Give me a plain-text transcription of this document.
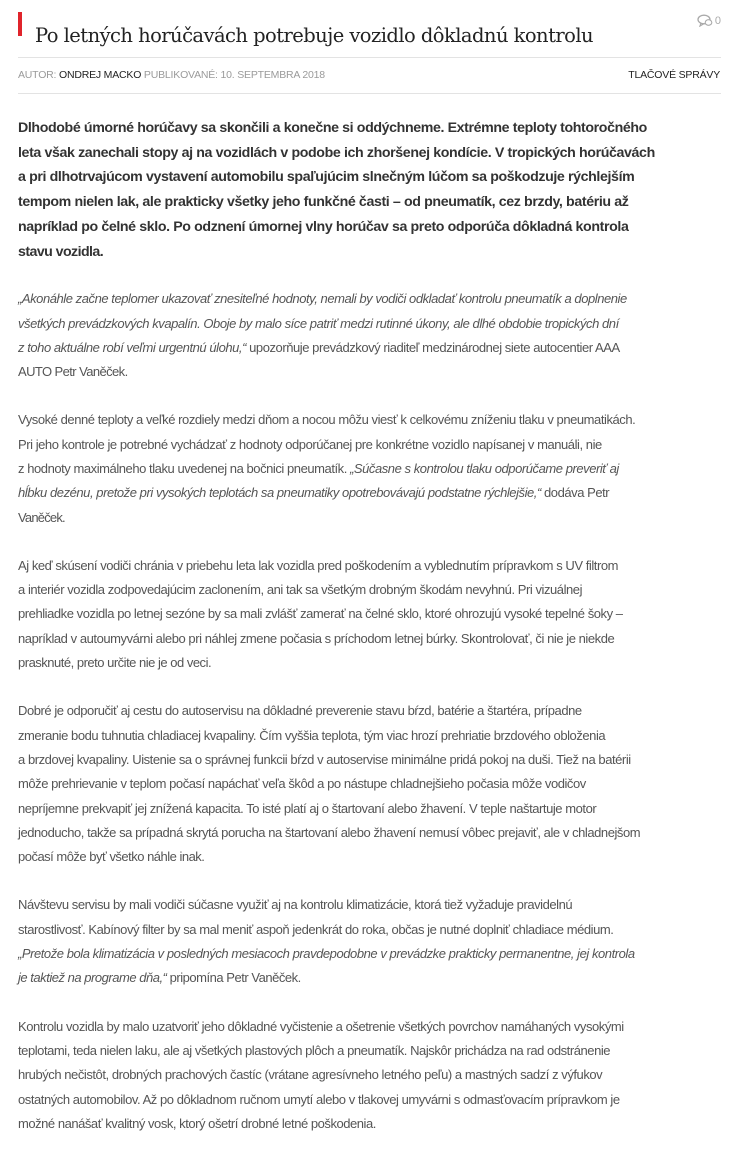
Po letných horúčavách potrebuje vozidlo dôkladnú kontrolu
0
AUTOR: ONDREJ MACKO PUBLIKOVANÉ: 10. SEPTEMBRA 2018	TLAČOVÉ SPRÁVY

Dlhodobé úmorné horúčavy sa skončili a konečne si oddýchneme. Extrémne teploty tohtoročného
leta však zanechali stopy aj na vozidlách v podobe ich zhoršenej kondície. V tropických horúčavách
a pri dlhotrvajúcom vystavení automobilu spaľujúcim slnečným lúčom sa poškodzuje rýchlejším
tempom nielen lak, ale prakticky všetky jeho funkčné časti – od pneumatík, cez brzdy, batériu až
napríklad po čelné sklo. Po odznení úmornej vlny horúčav sa preto odporúča dôkladná kontrola
stavu vozidla.

„Akonáhle začne teplomer ukazovať znesiteľné hodnoty, nemali by vodiči odkladať kontrolu pneumatík a doplnenie
všetkých prevádzkových kvapalín. Oboje by malo síce patriť medzi rutinné úkony, ale dlhé obdobie tropických dní
z toho aktuálne robí veľmi urgentnú úlohu,“ upozorňuje prevádzkový riaditeľ medzinárodnej siete autocentier AAA
AUTO Petr Vaněček.

Vysoké denné teploty a veľké rozdiely medzi dňom a nocou môžu viesť k celkovému zníženiu tlaku v pneumatikách.
Pri jeho kontrole je potrebné vychádzať z hodnoty odporúčanej pre konkrétne vozidlo napísanej v manuáli, nie
z hodnoty maximálneho tlaku uvedenej na bočnici pneumatík. „Súčasne s kontrolou tlaku odporúčame preveriť aj
hĺbku dezénu, pretože pri vysokých teplotách sa pneumatiky opotrebovávajú podstatne rýchlejšie,“ dodáva Petr
Vaněček.

Aj keď skúsení vodiči chránia v priebehu leta lak vozidla pred poškodením a vyblednutím prípravkom s UV filtrom
a interiér vozidla zodpovedajúcim zaclonením, ani tak sa všetkým drobným škodám nevyhnú. Pri vizuálnej
prehliadke vozidla po letnej sezóne by sa mali zvlášť zamerať na čelné sklo, ktoré ohrozujú vysoké tepelné šoky –
napríklad v autoumyvárni alebo pri náhlej zmene počasia s príchodom letnej búrky. Skontrolovať, či nie je niekde
prasknuté, preto určite nie je od veci.

Dobré je odporučiť aj cestu do autoservisu na dôkladné preverenie stavu bŕzd, batérie a štartéra, prípadne
zmeranie bodu tuhnutia chladiacej kvapaliny. Čím vyššia teplota, tým viac hrozí prehriatie brzdového obloženia
a brzdovej kvapaliny. Uistenie sa o správnej funkcii bŕzd v autoservise minimálne pridá pokoj na duši. Tiež na batérii
môže prehrievanie v teplom počasí napáchať veľa škôd a po nástupe chladnejšieho počasia môže vodičov
nepríjemne prekvapiť jej znížená kapacita. To isté platí aj o štartovaní alebo žhavení. V teple naštartuje motor
jednoducho, takže sa prípadná skrytá porucha na štartovaní alebo žhavení nemusí vôbec prejaviť, ale v chladnejšom
počasí môže byť všetko náhle inak.

Návštevu servisu by mali vodiči súčasne využiť aj na kontrolu klimatizácie, ktorá tiež vyžaduje pravidelnú
starostlivosť. Kabínový filter by sa mal meniť aspoň jedenkrát do roka, občas je nutné doplniť chladiace médium.
„Pretože bola klimatizácia v posledných mesiacoch pravdepodobne v prevádzke prakticky permanentne, jej kontrola
je taktiež na programe dňa,“ pripomína Petr Vaněček.

Kontrolu vozidla by malo uzatvoriť jeho dôkladné vyčistenie a ošetrenie všetkých povrchov namáhaných vysokými
teplotami, teda nielen laku, ale aj všetkých plastových plôch a pneumatík. Najskôr prichádza na rad odstránenie
hrubých nečistôt, drobných prachových častíc (vrátane agresívneho letného peľu) a mastných sadzí z výfukov
ostatných automobilov. Až po dôkladnom ručnom umytí alebo v tlakovej umyvárni s odmasťovacím prípravkom je
možné nanášať kvalitný vosk, ktorý ošetrí drobné letné poškodenia.
